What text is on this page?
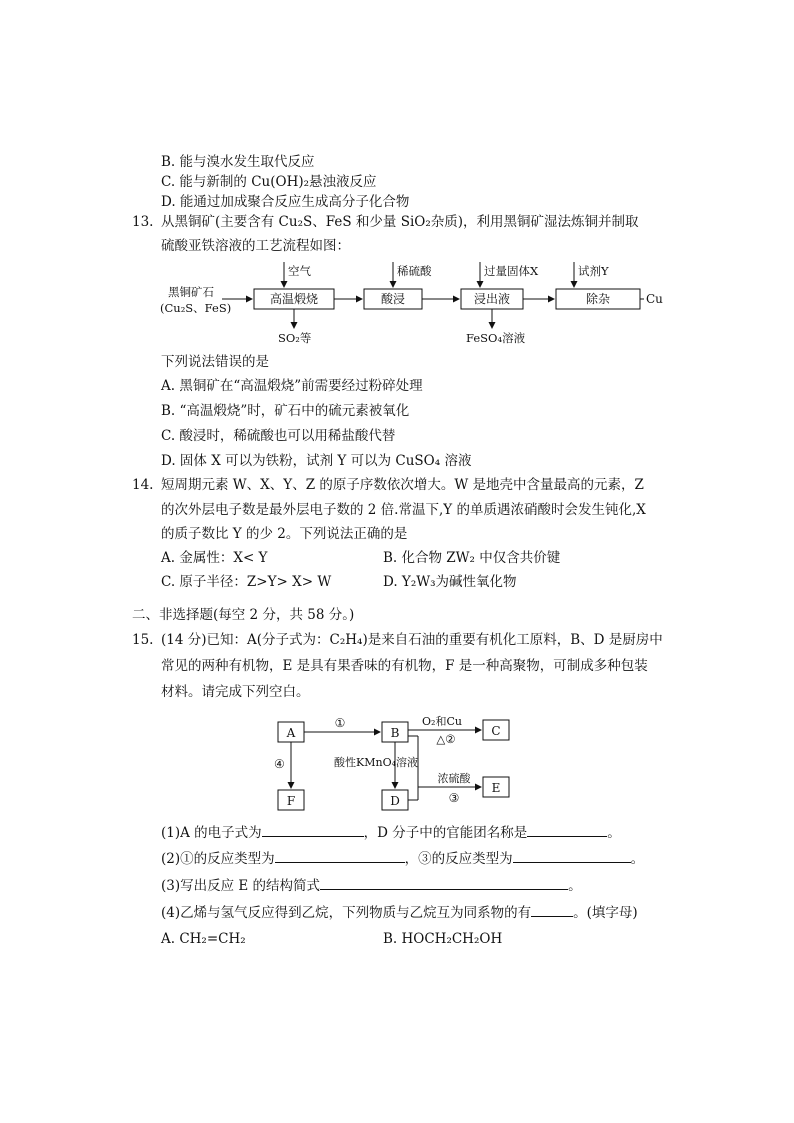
B. 能与溴水发生取代反应
C. 能与新制的 Cu(OH)₂悬浊液反应
D. 能通过加成聚合反应生成高分子化合物
13. 从黑铜矿(主要含有 Cu₂S、FeS 和少量 SiO₂杂质)，利用黑铜矿湿法炼铜并制取
硫酸亚铁溶液的工艺流程如图：
黑铜矿石
(Cu₂S、FeS)
高温煅烧
空气
SO₂等
酸浸
稀硫酸
浸出液
过量固体X
FeSO₄溶液
除杂
试剂Y
Cu
下列说法错误的是
A. 黑铜矿在“高温煅烧”前需要经过粉碎处理
B. “高温煅烧”时，矿石中的硫元素被氧化
C. 酸浸时，稀硫酸也可以用稀盐酸代替
D. 固体 X 可以为铁粉，试剂 Y 可以为 CuSO₄ 溶液
14. 短周期元素 W、X、Y、Z 的原子序数依次增大。W 是地壳中含量最高的元素，Z
的次外层电子数是最外层电子数的 2 倍.常温下,Y 的单质遇浓硝酸时会发生钝化,X
的质子数比 Y 的少 2。下列说法正确的是
A. 金属性：X< Y	B. 化合物 ZW₂ 中仅含共价键
C. 原子半径：Z>Y> X> W	D. Y₂W₃为碱性氧化物
二、非选择题(每空 2 分，共 58 分。)
15. (14 分)已知：A(分子式为：C₂H₄)是来自石油的重要有机化工原料，B、D 是厨房中
常见的两种有机物，E 是具有果香味的有机物，F 是一种高聚物，可制成多种包装
材料。请完成下列空白。
A	B	C
D
E
F
①	O₂和Cu
△②
④	酸性KMnO₄溶液
浓硫酸
③
(1)A 的电子式为	，D 分子中的官能团名称是	。
(2)①的反应类型为	，③的反应类型为	。
(3)写出反应 E 的结构简式	。
(4)乙烯与氢气反应得到乙烷，下列物质与乙烷互为同系物的有	。(填字母)
A. CH₂=CH₂	B. HOCH₂CH₂OH
